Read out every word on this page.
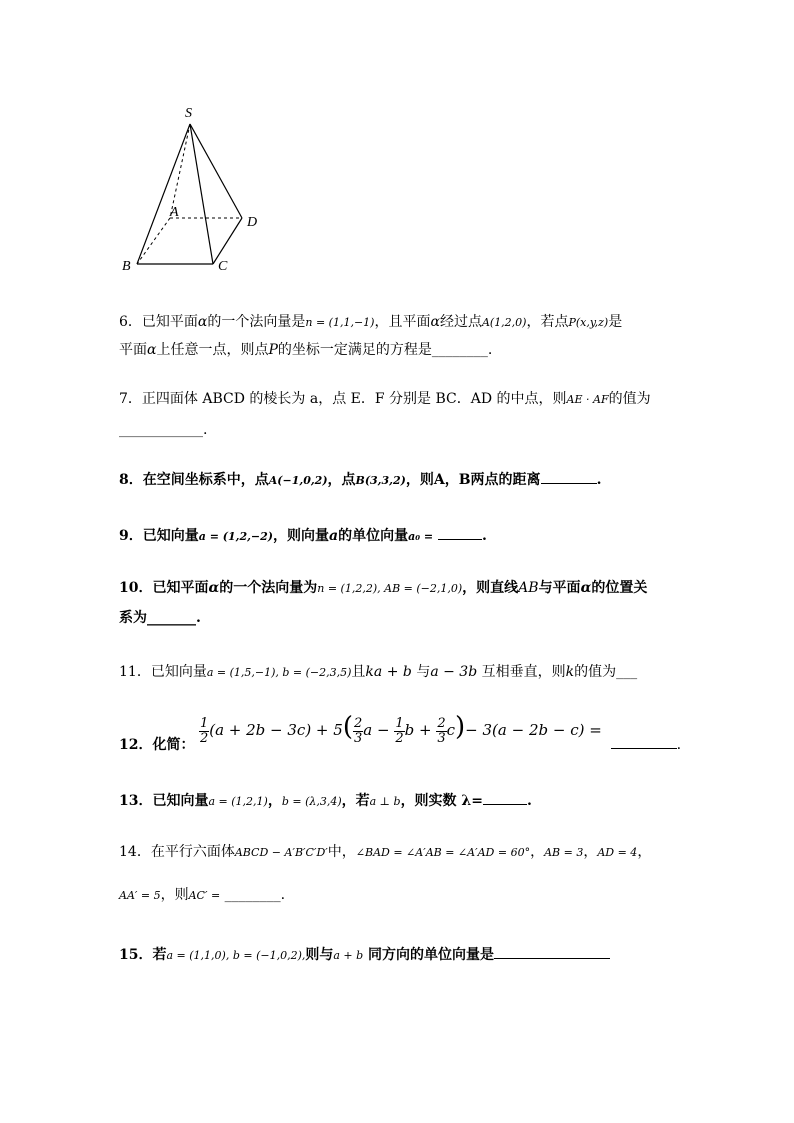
S
A
B	C
D
6．已知平面α的一个法向量是n = (1,1,−1)，且平面α经过点A(1,2,0)，若点P(x,y,z)是
平面α上任意一点，则点P的坐标一定满足的方程是________.
7．正四面体 ABCD 的棱长为 a，点 E．F 分别是 BC．AD 的中点，则AE · AF的值为
____________.
8．在空间坐标系中，点A(−1,0,2)，点B(3,3,2)，则A，B两点的距离	.
9．已知向量a = (1,2,−2)，则向量a的单位向量a₀ =	.
10．已知平面α的一个法向量为n = (1,2,2), AB = (−2,1,0)，则直线AB与平面α的位置关
系为_______.
11．已知向量a = (1,5,−1), b = (−2,3,5)且ka + b 与a − 3b 互相垂直，则k的值为___
12．化简： $\frac{1}{2} (a + 2b - 3c) + 5( \frac{2}{3}$ $a - \frac{1}{2}$ $b + \frac{2}{3} c)- 3(a - 2b - c)$ = .
13．已知向量a = (1,2,1)，b = (λ,3,4)，若a ⊥ b，则实数 λ=	.
14．在平行六面体ABCD − A′B′C′D′中，∠BAD = ∠A′AB = ∠A′AD = 60°，AB = 3，AD = 4，
AA′ = 5，则AC′ = ________.
15．若a = (1,1,0), b = (−1,0,2),则与a + b 同方向的单位向量是
